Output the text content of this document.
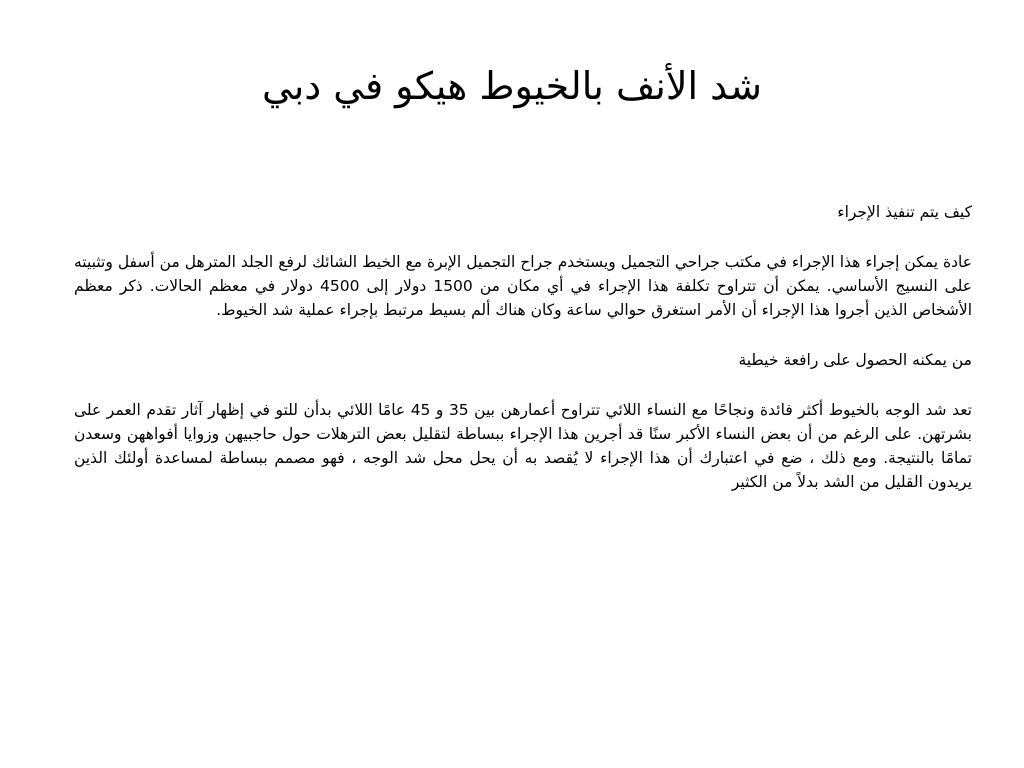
شد الأنف بالخيوط هيكو في دبي

كيف يتم تنفيذ الإجراء

عادة يمكن إجراء هذا الإجراء في مكتب جراحي التجميل ويستخدم جراح التجميل الإبرة مع الخيط الشائك لرفع الجلد المترهل من أسفل وتثبيته على النسيج الأساسي. يمكن أن تتراوح تكلفة هذا الإجراء في أي مكان من 1500 دولار إلى 4500 دولار في معظم الحالات. ذكر معظم الأشخاص الذين أجروا هذا الإجراء أن الأمر استغرق حوالي ساعة وكان هناك ألم بسيط مرتبط بإجراء عملية شد الخيوط.

من يمكنه الحصول على رافعة خيطية

تعد شد الوجه بالخيوط أكثر فائدة ونجاحًا مع النساء اللائي تتراوح أعمارهن بين 35 و 45 عامًا اللائي بدأن للتو في إظهار آثار تقدم العمر على بشرتهن. على الرغم من أن بعض النساء الأكبر سنًا قد أجرين هذا الإجراء ببساطة لتقليل بعض الترهلات حول حاجبيهن وزوايا أفواههن وسعدن تمامًا بالنتيجة. ومع ذلك ، ضع في اعتبارك أن هذا الإجراء لا يُقصد به أن يحل محل شد الوجه ، فهو مصمم ببساطة لمساعدة أولئك الذين يريدون القليل من الشد بدلاً من الكثير
